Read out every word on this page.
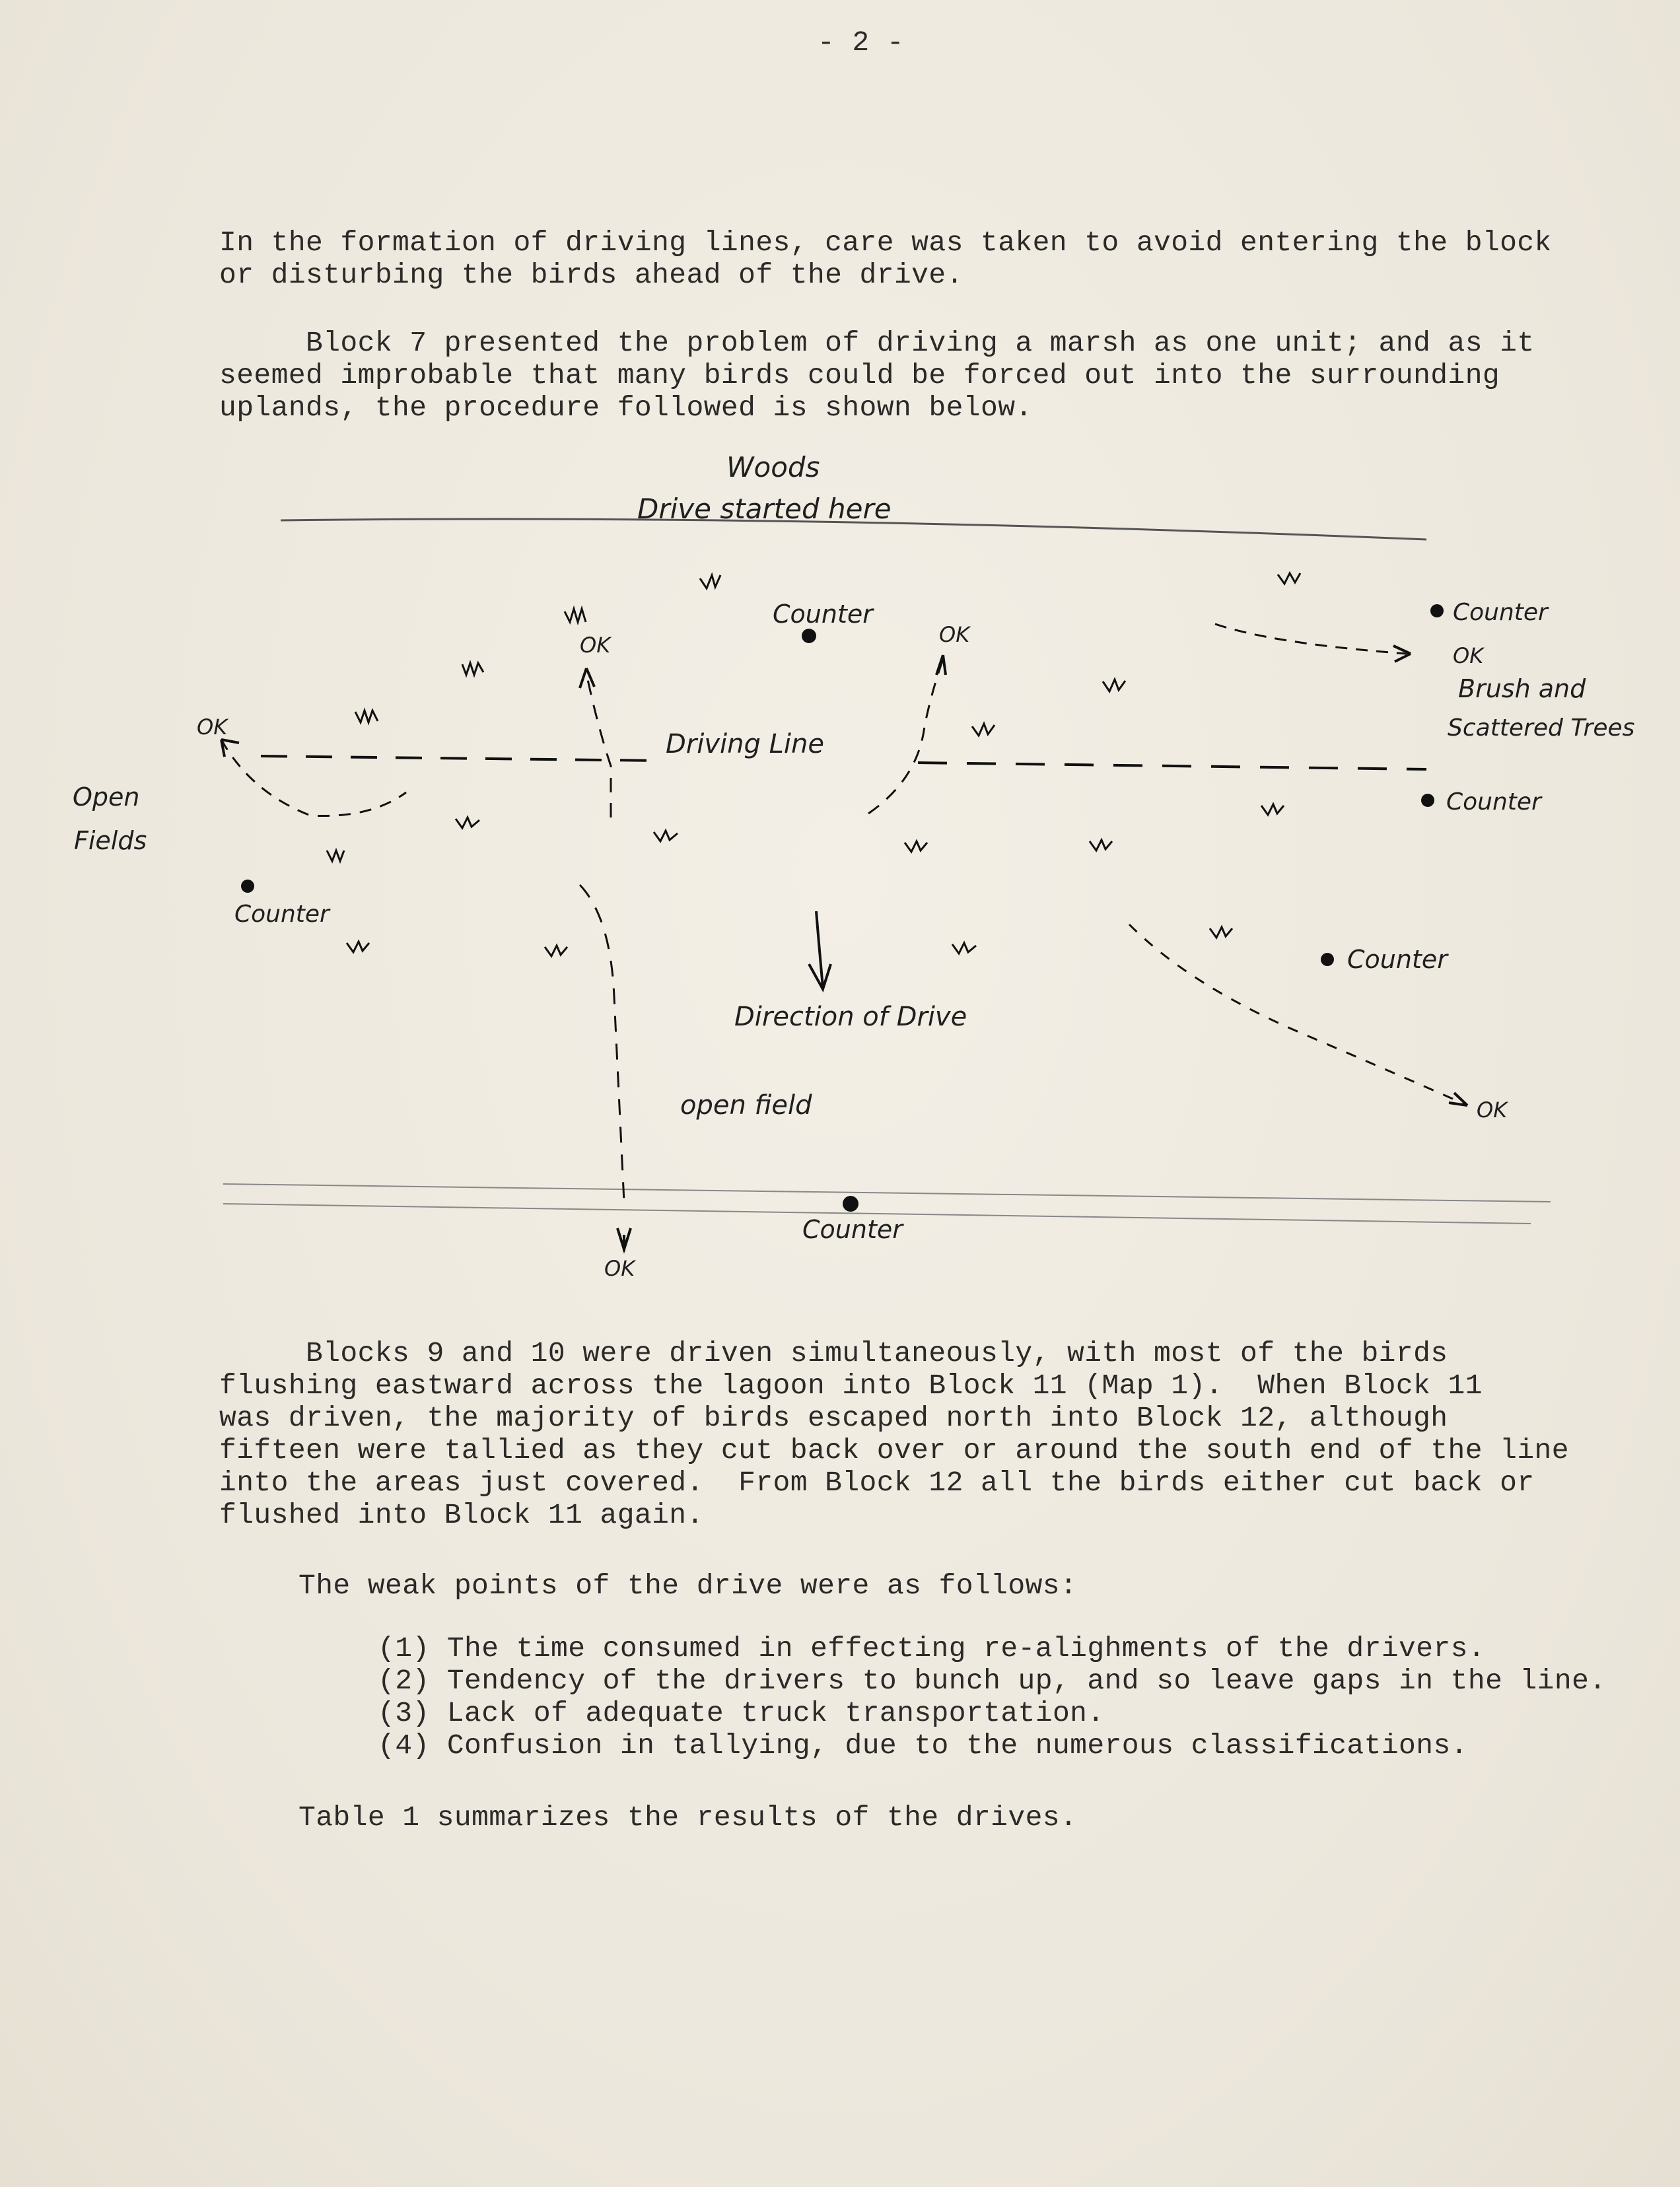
- 2 -
In the formation of driving lines, care was taken to avoid entering the block
or disturbing the birds ahead of the drive.
Block 7 presented the problem of driving a marsh as one unit; and as it
seemed improbable that many birds could be forced out into the surrounding
uplands, the procedure followed is shown below.
Woods
Drive started here
Driving Line
Direction of Drive
open field
Open
Fields
Brush and
Scattered Trees
Counter	Counter
Counter
Counter
Counter
Counter
OK
OK	OK
OK
OK
OK
Blocks 9 and 10 were driven simultaneously, with most of the birds
flushing eastward across the lagoon into Block 11 (Map 1).  When Block 11
was driven, the majority of birds escaped north into Block 12, although
fifteen were tallied as they cut back over or around the south end of the line
into the areas just covered.  From Block 12 all the birds either cut back or
flushed into Block 11 again.
The weak points of the drive were as follows:
(1) The time consumed in effecting re-alighments of the drivers.
(2) Tendency of the drivers to bunch up, and so leave gaps in the line.
(3) Lack of adequate truck transportation.
(4) Confusion in tallying, due to the numerous classifications.
Table 1 summarizes the results of the drives.
